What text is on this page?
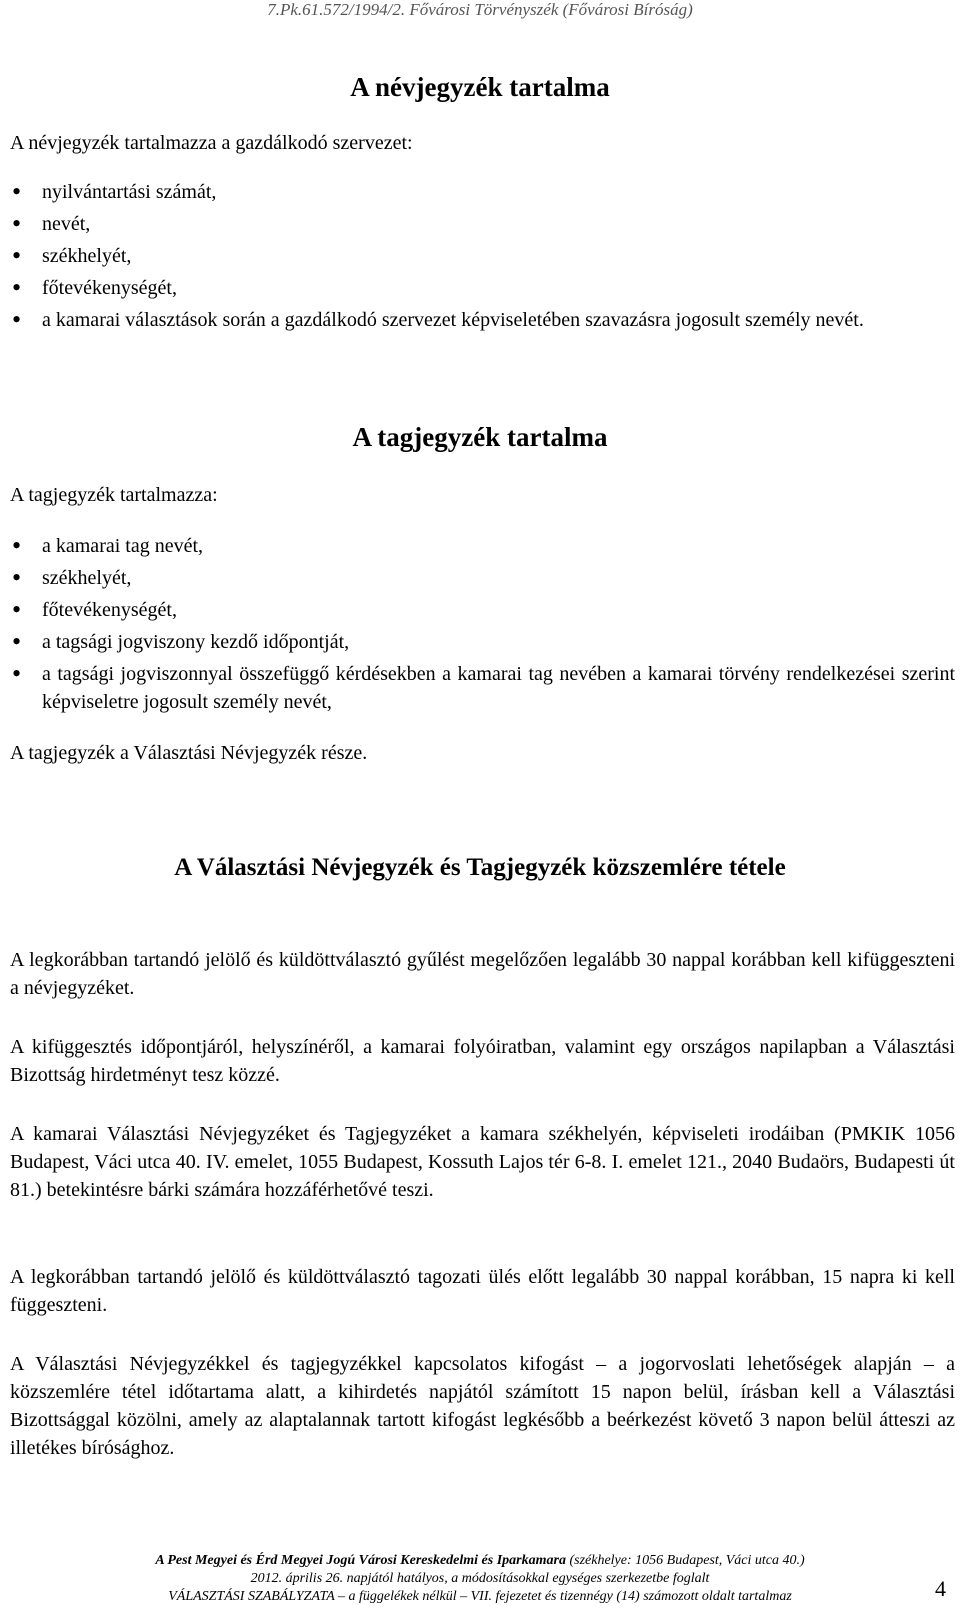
7.Pk.61.572/1994/2. Fővárosi Törvényszék (Fővárosi Bíróság)
A névjegyzék tartalma
A névjegyzék tartalmazza a gazdálkodó szervezet:
• nyilvántartási számát,
• nevét,
• székhelyét,
• főtevékenységét,
• a kamarai választások során a gazdálkodó szervezet képviseletében szavazásra jogosult személy nevét.
A tagjegyzék tartalma
A tagjegyzék tartalmazza:
• a kamarai tag nevét,
• székhelyét,
• főtevékenységét,
• a tagsági jogviszony kezdő időpontját,
• a tagsági jogviszonnyal összefüggő kérdésekben a kamarai tag nevében a kamarai törvény rendelkezései szerint képviseletre jogosult személy nevét,
A tagjegyzék a Választási Névjegyzék része.
A Választási Névjegyzék és Tagjegyzék közszemlére tétele
A legkorábban tartandó jelölő és küldöttválasztó gyűlést megelőzően legalább 30 nappal korábban kell kifüggeszteni a névjegyzéket.
A kifüggesztés időpontjáról, helyszínéről, a kamarai folyóiratban, valamint egy országos napilapban a Választási Bizottság hirdetményt tesz közzé.
A kamarai Választási Névjegyzéket és Tagjegyzéket a kamara székhelyén, képviseleti irodáiban (PMKIK 1056 Budapest, Váci utca 40. IV. emelet, 1055 Budapest, Kossuth Lajos tér 6-8. I. emelet 121., 2040 Budaörs, Budapesti út 81.) betekintésre bárki számára hozzáférhetővé teszi.
A legkorábban tartandó jelölő és küldöttválasztó tagozati ülés előtt legalább 30 nappal korábban, 15 napra ki kell függeszteni.
A Választási Névjegyzékkel és tagjegyzékkel kapcsolatos kifogást – a jogorvoslati lehetőségek alapján – a közszemlére tétel időtartama alatt, a kihirdetés napjától számított 15 napon belül, írásban kell a Választási Bizottsággal közölni, amely az alaptalannak tartott kifogást legkésőbb a beérkezést követő 3 napon belül átteszi az illetékes bírósághoz.
A Pest Megyei és Érd Megyei Jogú Városi Kereskedelmi és Iparkamara (székhelye: 1056 Budapest, Váci utca 40.)
2012. április 26. napjától hatályos, a módosításokkal egységes szerkezetbe foglalt
VÁLASZTÁSI SZABÁLYZATA – a függelékek nélkül – VII. fejezetet és tizennégy (14) számozott oldalt tartalmaz	4
